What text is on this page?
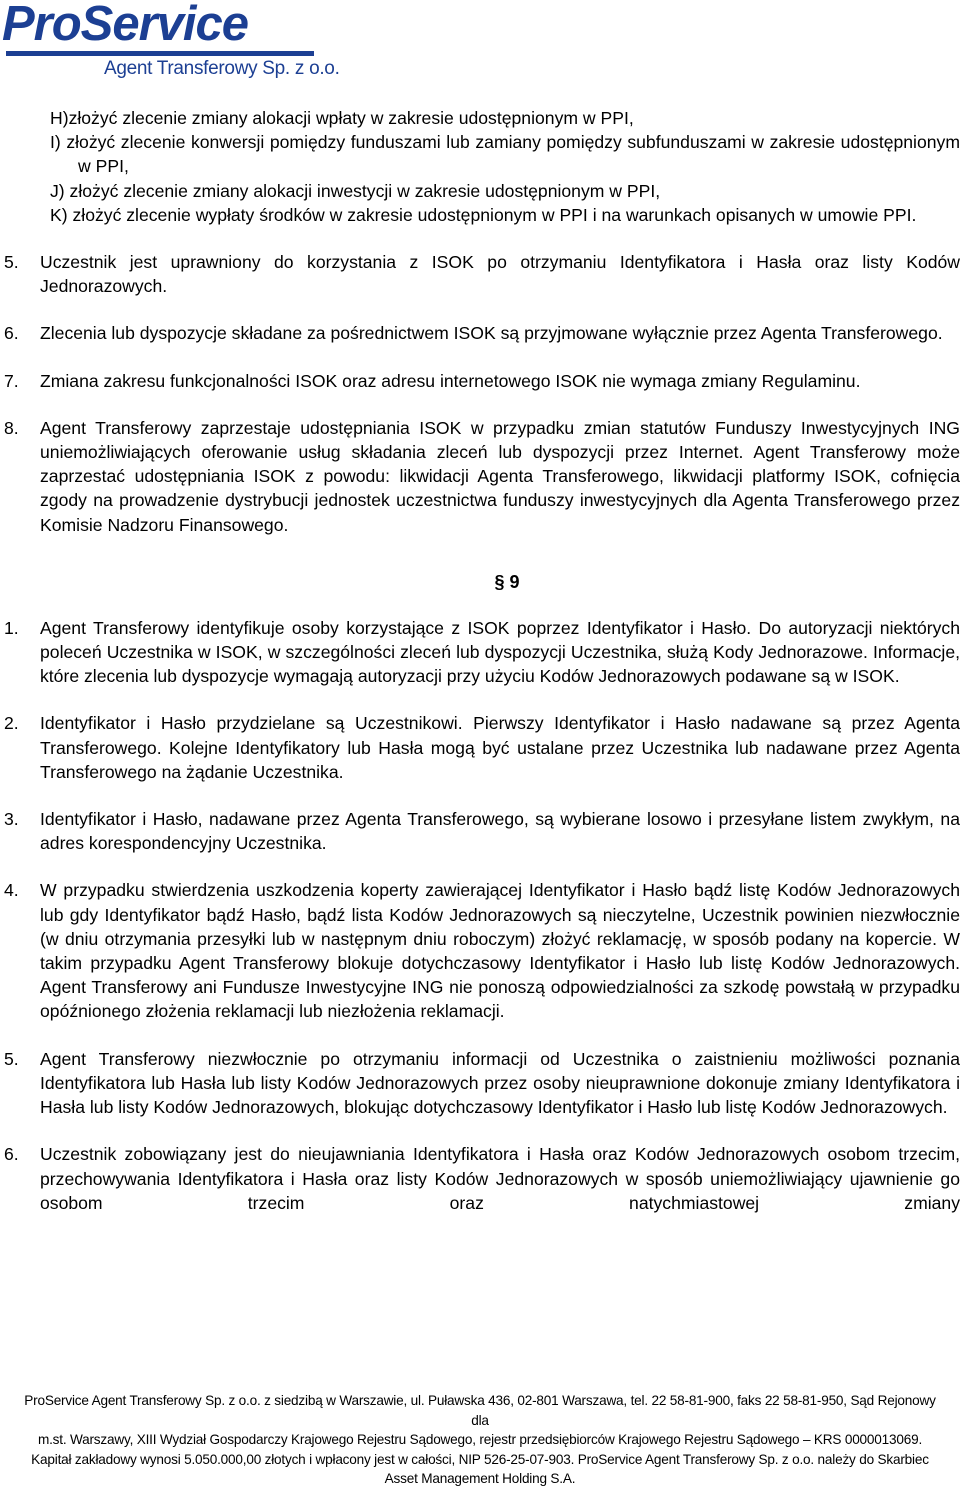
ProService
Agent Transferowy Sp. z o.o.

H)złożyć zlecenie zmiany alokacji wpłaty w zakresie udostępnionym w PPI,

I) złożyć zlecenie konwersji pomiędzy funduszami lub zamiany pomiędzy subfunduszami w zakresie udostępnionym w PPI,

J) złożyć zlecenie zmiany alokacji inwestycji w zakresie udostępnionym w PPI,

K) złożyć zlecenie wypłaty środków w zakresie udostępnionym w PPI i na warunkach opisanych w umowie PPI.

5. Uczestnik jest uprawniony do korzystania z ISOK po otrzymaniu Identyfikatora i Hasła oraz listy Kodów Jednorazowych.
6. Zlecenia lub dyspozycje składane za pośrednictwem ISOK są przyjmowane wyłącznie przez Agenta Transferowego.
7. Zmiana zakresu funkcjonalności ISOK oraz adresu internetowego ISOK nie wymaga zmiany Regulaminu.
8. Agent Transferowy zaprzestaje udostępniania ISOK w przypadku zmian statutów Funduszy Inwestycyjnych ING uniemożliwiających oferowanie usług składania zleceń lub dyspozycji przez Internet. Agent Transferowy może zaprzestać udostępniania ISOK z powodu: likwidacji Agenta Transferowego, likwidacji platformy ISOK, cofnięcia zgody na prowadzenie dystrybucji jednostek uczestnictwa funduszy inwestycyjnych dla Agenta Transferowego przez Komisie Nadzoru Finansowego.
§ 9
1. Agent Transferowy identyfikuje osoby korzystające z ISOK poprzez Identyfikator i Hasło. Do autoryzacji niektórych poleceń Uczestnika w ISOK, w szczególności zleceń lub dyspozycji Uczestnika, służą Kody Jednorazowe. Informacje, które zlecenia lub dyspozycje wymagają autoryzacji przy użyciu Kodów Jednorazowych podawane są w ISOK.
2. Identyfikator i Hasło przydzielane są Uczestnikowi. Pierwszy Identyfikator i Hasło nadawane są przez Agenta Transferowego. Kolejne Identyfikatory lub Hasła mogą być ustalane przez Uczestnika lub nadawane przez Agenta Transferowego na żądanie Uczestnika.
3. Identyfikator i Hasło, nadawane przez Agenta Transferowego, są wybierane losowo i przesyłane listem zwykłym, na adres korespondencyjny Uczestnika.
4. W przypadku stwierdzenia uszkodzenia koperty zawierającej Identyfikator i Hasło bądź listę Kodów Jednorazowych lub gdy Identyfikator bądź Hasło, bądź lista Kodów Jednorazowych są nieczytelne, Uczestnik powinien niezwłocznie (w dniu otrzymania przesyłki lub w następnym dniu roboczym) złożyć reklamację, w sposób podany na kopercie. W takim przypadku Agent Transferowy blokuje dotychczasowy Identyfikator i Hasło lub listę Kodów Jednorazowych. Agent Transferowy ani Fundusze Inwestycyjne ING nie ponoszą odpowiedzialności za szkodę powstałą w przypadku opóźnionego złożenia reklamacji lub niezłożenia reklamacji.
5. Agent Transferowy niezwłocznie po otrzymaniu informacji od Uczestnika o zaistnieniu możliwości poznania Identyfikatora lub Hasła lub listy Kodów Jednorazowych przez osoby nieuprawnione dokonuje zmiany Identyfikatora i Hasła lub listy Kodów Jednorazowych, blokując dotychczasowy Identyfikator i Hasło lub listę Kodów Jednorazowych.
6. Uczestnik zobowiązany jest do nieujawniania Identyfikatora i Hasła oraz Kodów Jednorazowych osobom trzecim, przechowywania Identyfikatora i Hasła oraz listy Kodów Jednorazowych w sposób uniemożliwiający ujawnienie go osobom trzecim oraz natychmiastowej zmiany
ProService Agent Transferowy Sp. z o.o. z siedzibą w Warszawie, ul. Puławska 436, 02-801 Warszawa, tel. 22 58-81-900, faks 22 58-81-950, Sąd Rejonowy
dla
m.st. Warszawy, XIII Wydział Gospodarczy Krajowego Rejestru Sądowego, rejestr przedsiębiorców Krajowego Rejestru Sądowego – KRS 0000013069.
Kapitał zakładowy wynosi 5.050.000,00 złotych i wpłacony jest w całości, NIP 526-25-07-903. ProService Agent Transferowy Sp. z o.o. należy do Skarbiec
Asset Management Holding S.A.
